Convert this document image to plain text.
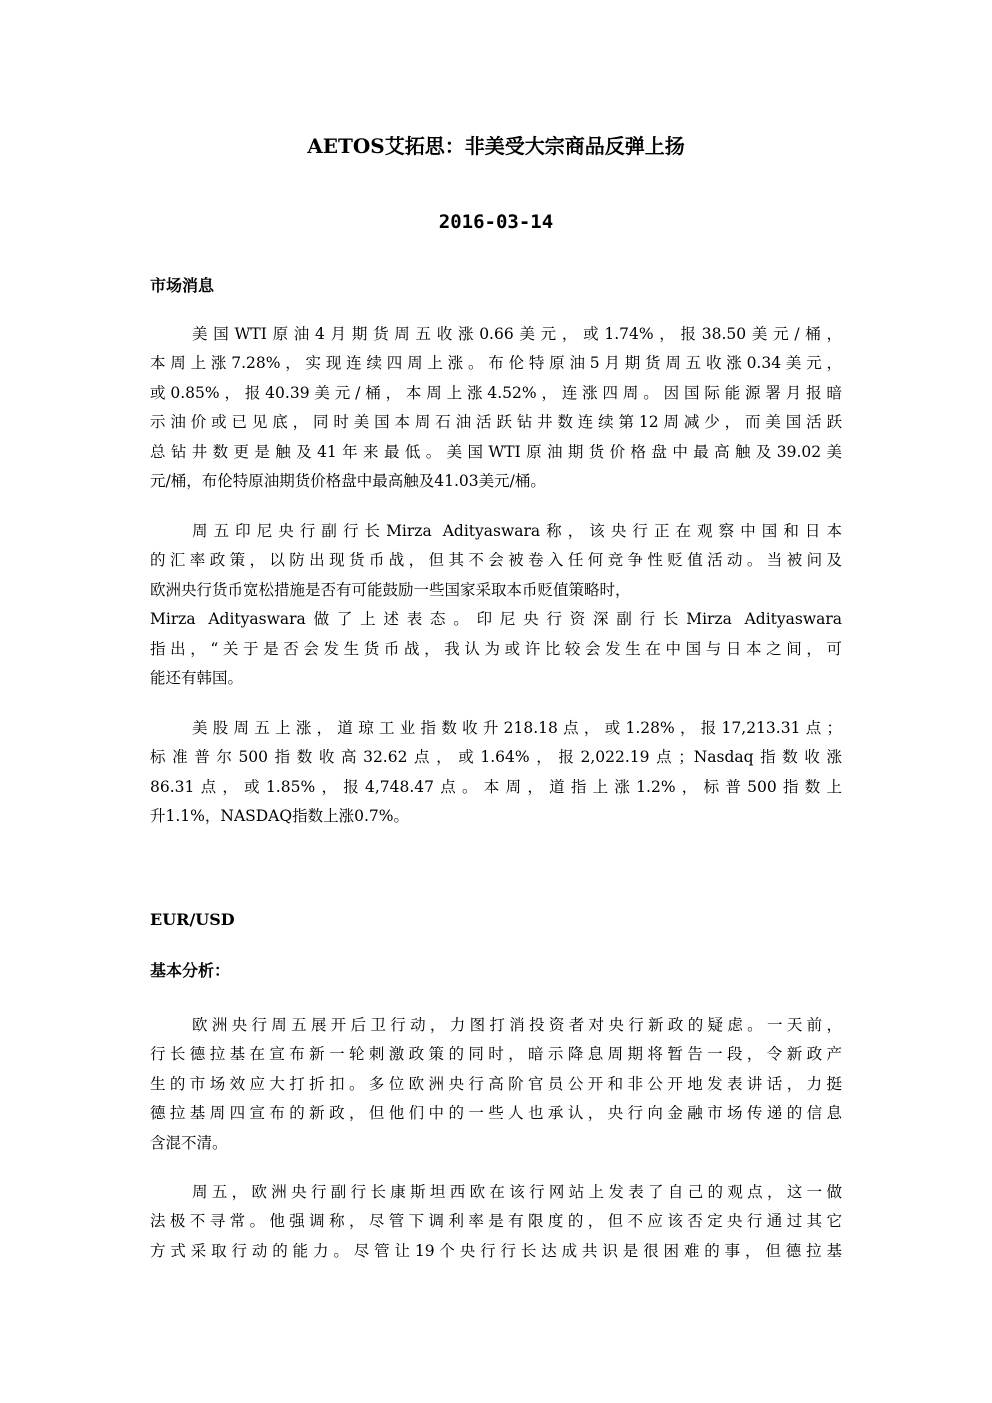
AETOS艾拓思：非美受大宗商品反弹上扬
2016-03-14
市场消息
美国WTI原油4月期货周五收涨0.66美元，或1.74%，报38.50美元/桶，
本周上涨7.28%，实现连续四周上涨。布伦特原油5月期货周五收涨0.34美元，
或0.85%，报40.39美元/桶，本周上涨4.52%，连涨四周。因国际能源署月报暗
示油价或已见底，同时美国本周石油活跃钻井数连续第12周减少，而美国活跃
总钻井数更是触及41年来最低。美国WTI原油期货价格盘中最高触及39.02美
元/桶，布伦特原油期货价格盘中最高触及41.03美元/桶。
周五印尼央行副行长Mirza Adityaswara称，该央行正在观察中国和日本
的汇率政策，以防出现货币战，但其不会被卷入任何竞争性贬值活动。当被问及
欧洲央行货币宽松措施是否有可能鼓励一些国家采取本币贬值策略时，
Mirza Adityaswara做了上述表态。印尼央行资深副行长Mirza Adityaswara
指出，“关于是否会发生货币战，我认为或许比较会发生在中国与日本之间，可
能还有韩国。
美股周五上涨，道琼工业指数收升218.18点，或1.28%，报17,213.31点；
标准普尔500指数收高32.62点，或1.64%，报2,022.19点；Nasdaq指数收涨
86.31点，或1.85%，报4,748.47点。本周，道指上涨1.2%，标普500指数上
升1.1%，NASDAQ指数上涨0.7%。
EUR/USD
基本分析：
欧洲央行周五展开后卫行动，力图打消投资者对央行新政的疑虑。一天前，
行长德拉基在宣布新一轮刺激政策的同时，暗示降息周期将暂告一段，令新政产
生的市场效应大打折扣。多位欧洲央行高阶官员公开和非公开地发表讲话，力挺
德拉基周四宣布的新政，但他们中的一些人也承认，央行向金融市场传递的信息
含混不清。
周五，欧洲央行副行长康斯坦西欧在该行网站上发表了自己的观点，这一做
法极不寻常。他强调称，尽管下调利率是有限度的，但不应该否定央行通过其它
方式采取行动的能力。尽管让19个央行行长达成共识是很困难的事，但德拉基
